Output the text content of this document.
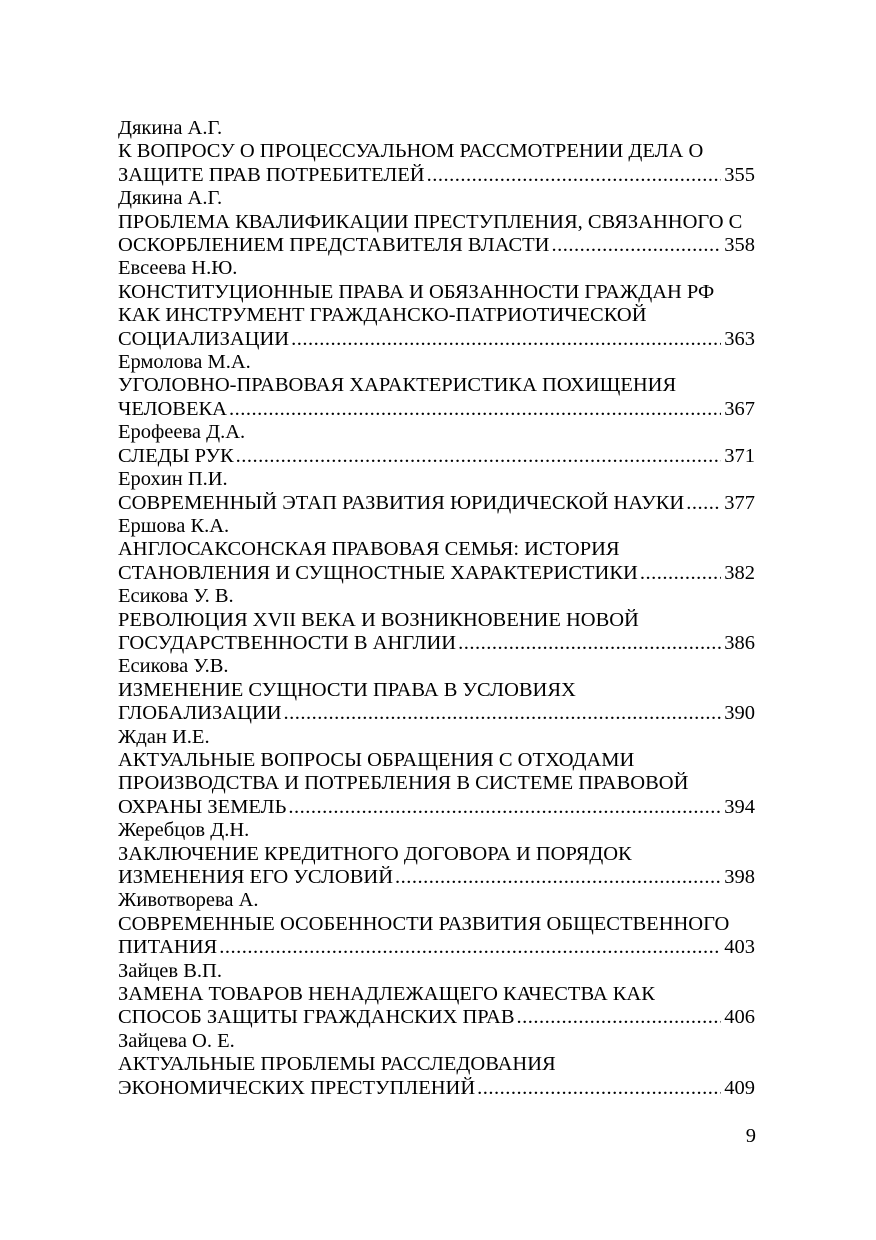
Дякина А.Г.
К ВОПРОСУ О ПРОЦЕССУАЛЬНОМ РАССМОТРЕНИИ ДЕЛА О
ЗАЩИТЕ ПРАВ ПОТРЕБИТЕЛЕЙ .....	355
Дякина А.Г.
ПРОБЛЕМА КВАЛИФИКАЦИИ ПРЕСТУПЛЕНИЯ, СВЯЗАННОГО С
ОСКОРБЛЕНИЕМ ПРЕДСТАВИТЕЛЯ ВЛАСТИ .....	358
Евсеева Н.Ю.
КОНСТИТУЦИОННЫЕ ПРАВА И ОБЯЗАННОСТИ ГРАЖДАН РФ
КАК ИНСТРУМЕНТ ГРАЖДАНСКО-ПАТРИОТИЧЕСКОЙ
СОЦИАЛИЗАЦИИ .....	363
Ермолова М.А.
УГОЛОВНО-ПРАВОВАЯ ХАРАКТЕРИСТИКА ПОХИЩЕНИЯ
ЧЕЛОВЕКА .....	367
Ерофеева Д.А.
СЛЕДЫ РУК .....	371
Ерохин П.И.
СОВРЕМЕННЫЙ ЭТАП РАЗВИТИЯ ЮРИДИЧЕСКОЙ НАУКИ ..... 377
Ершова К.А.
АНГЛОСАКСОНСКАЯ ПРАВОВАЯ СЕМЬЯ: ИСТОРИЯ
СТАНОВЛЕНИЯ И СУЩНОСТНЫЕ ХАРАКТЕРИСТИКИ .....	382
Есикова У. В.
РЕВОЛЮЦИЯ XVII ВЕКА И ВОЗНИКНОВЕНИЕ НОВОЙ
ГОСУДАРСТВЕННОСТИ В АНГЛИИ .....	386
Есикова У.В.
ИЗМЕНЕНИЕ СУЩНОСТИ ПРАВА В УСЛОВИЯХ
ГЛОБАЛИЗАЦИИ .....	390
Ждан И.Е.
АКТУАЛЬНЫЕ ВОПРОСЫ ОБРАЩЕНИЯ С ОТХОДАМИ
ПРОИЗВОДСТВА И ПОТРЕБЛЕНИЯ В СИСТЕМЕ ПРАВОВОЙ
ОХРАНЫ ЗЕМЕЛЬ .....	394
Жеребцов Д.Н.
ЗАКЛЮЧЕНИЕ КРЕДИТНОГО ДОГОВОРА И ПОРЯДОК
ИЗМЕНЕНИЯ ЕГО УСЛОВИЙ .....	398
Животворева А.
СОВРЕМЕННЫЕ ОСОБЕННОСТИ РАЗВИТИЯ ОБЩЕСТВЕННОГО
ПИТАНИЯ .....	403
Зайцев В.П.
ЗАМЕНА ТОВАРОВ НЕНАДЛЕЖАЩЕГО КАЧЕСТВА КАК
СПОСОБ ЗАЩИТЫ ГРАЖДАНСКИХ ПРАВ .....	406
Зайцева О. Е.
АКТУАЛЬНЫЕ ПРОБЛЕМЫ РАССЛЕДОВАНИЯ
ЭКОНОМИЧЕСКИХ ПРЕСТУПЛЕНИЙ .....	409
9
